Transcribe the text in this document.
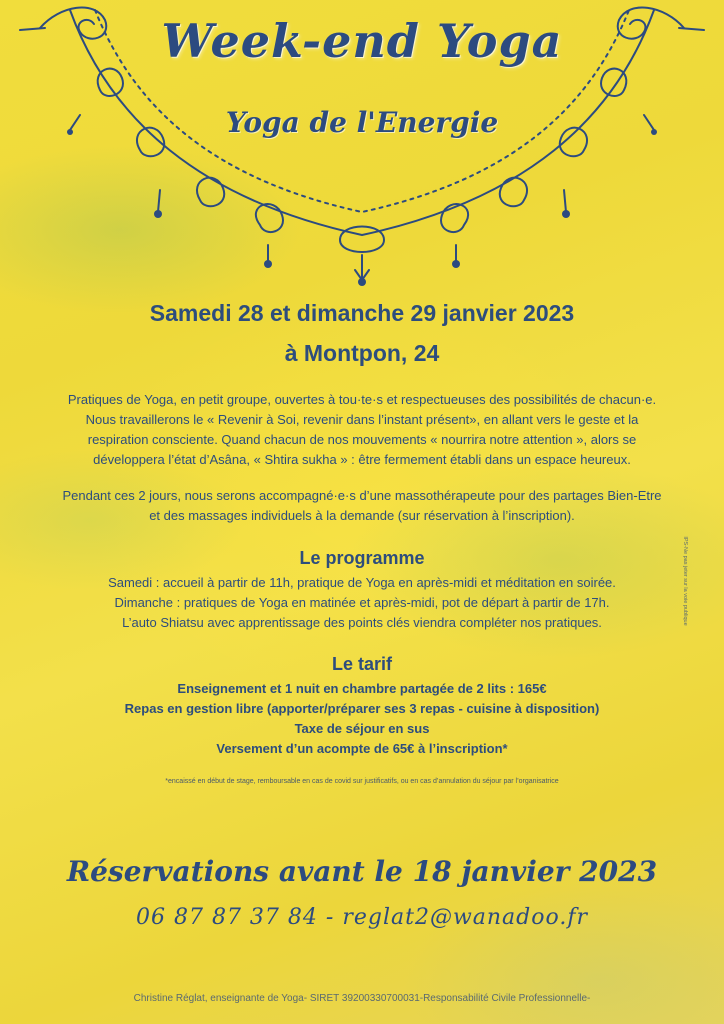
Week-end Yoga
Yoga de l'Energie
Samedi 28 et dimanche 29 janvier 2023
à Montpon, 24

Pratiques de Yoga, en petit groupe, ouvertes à tou·te·s et respectueuses des possibilités de chacun·e.

Nous travaillerons le « Revenir à Soi, revenir dans l’instant présent», en allant vers le geste et la

respiration consciente. Quand chacun de nos mouvements « nourrira notre attention », alors se

développera l’état d’Asâna, « Shtira sukha » : être fermement établi dans un espace heureux.

Pendant ces 2 jours, nous serons accompagné·e·s d’une massothérapeute pour des partages Bien-Etre

et des massages individuels à la demande (sur réservation à l’inscription).

Le programme

Samedi : accueil à partir de 11h, pratique de Yoga en après-midi et méditation en soirée.

Dimanche : pratiques de Yoga en matinée et après-midi, pot de départ à partir de 17h.

L’auto Shiatsu avec apprentissage des points clés viendra compléter nos pratiques.

Le tarif

Enseignement et 1 nuit en chambre partagée de 2 lits : 165€

Repas en gestion libre (apporter/préparer ses 3 repas - cuisine à disposition)

Taxe de séjour en sus

Versement d’un acompte de 65€ à l’inscription*

*encaissé en début de stage, remboursable en cas de covid sur justificatifs, ou en cas d’annulation du séjour par l’organisatrice
Réservations avant le 18 janvier 2023
06 87 87 37 84 - reglat2@wanadoo.fr
IPS-Ne pas jeter sur la voie publique
Christine Réglat, enseignante de Yoga- SIRET 39200330700031-Responsabilité Civile Professionnelle-
